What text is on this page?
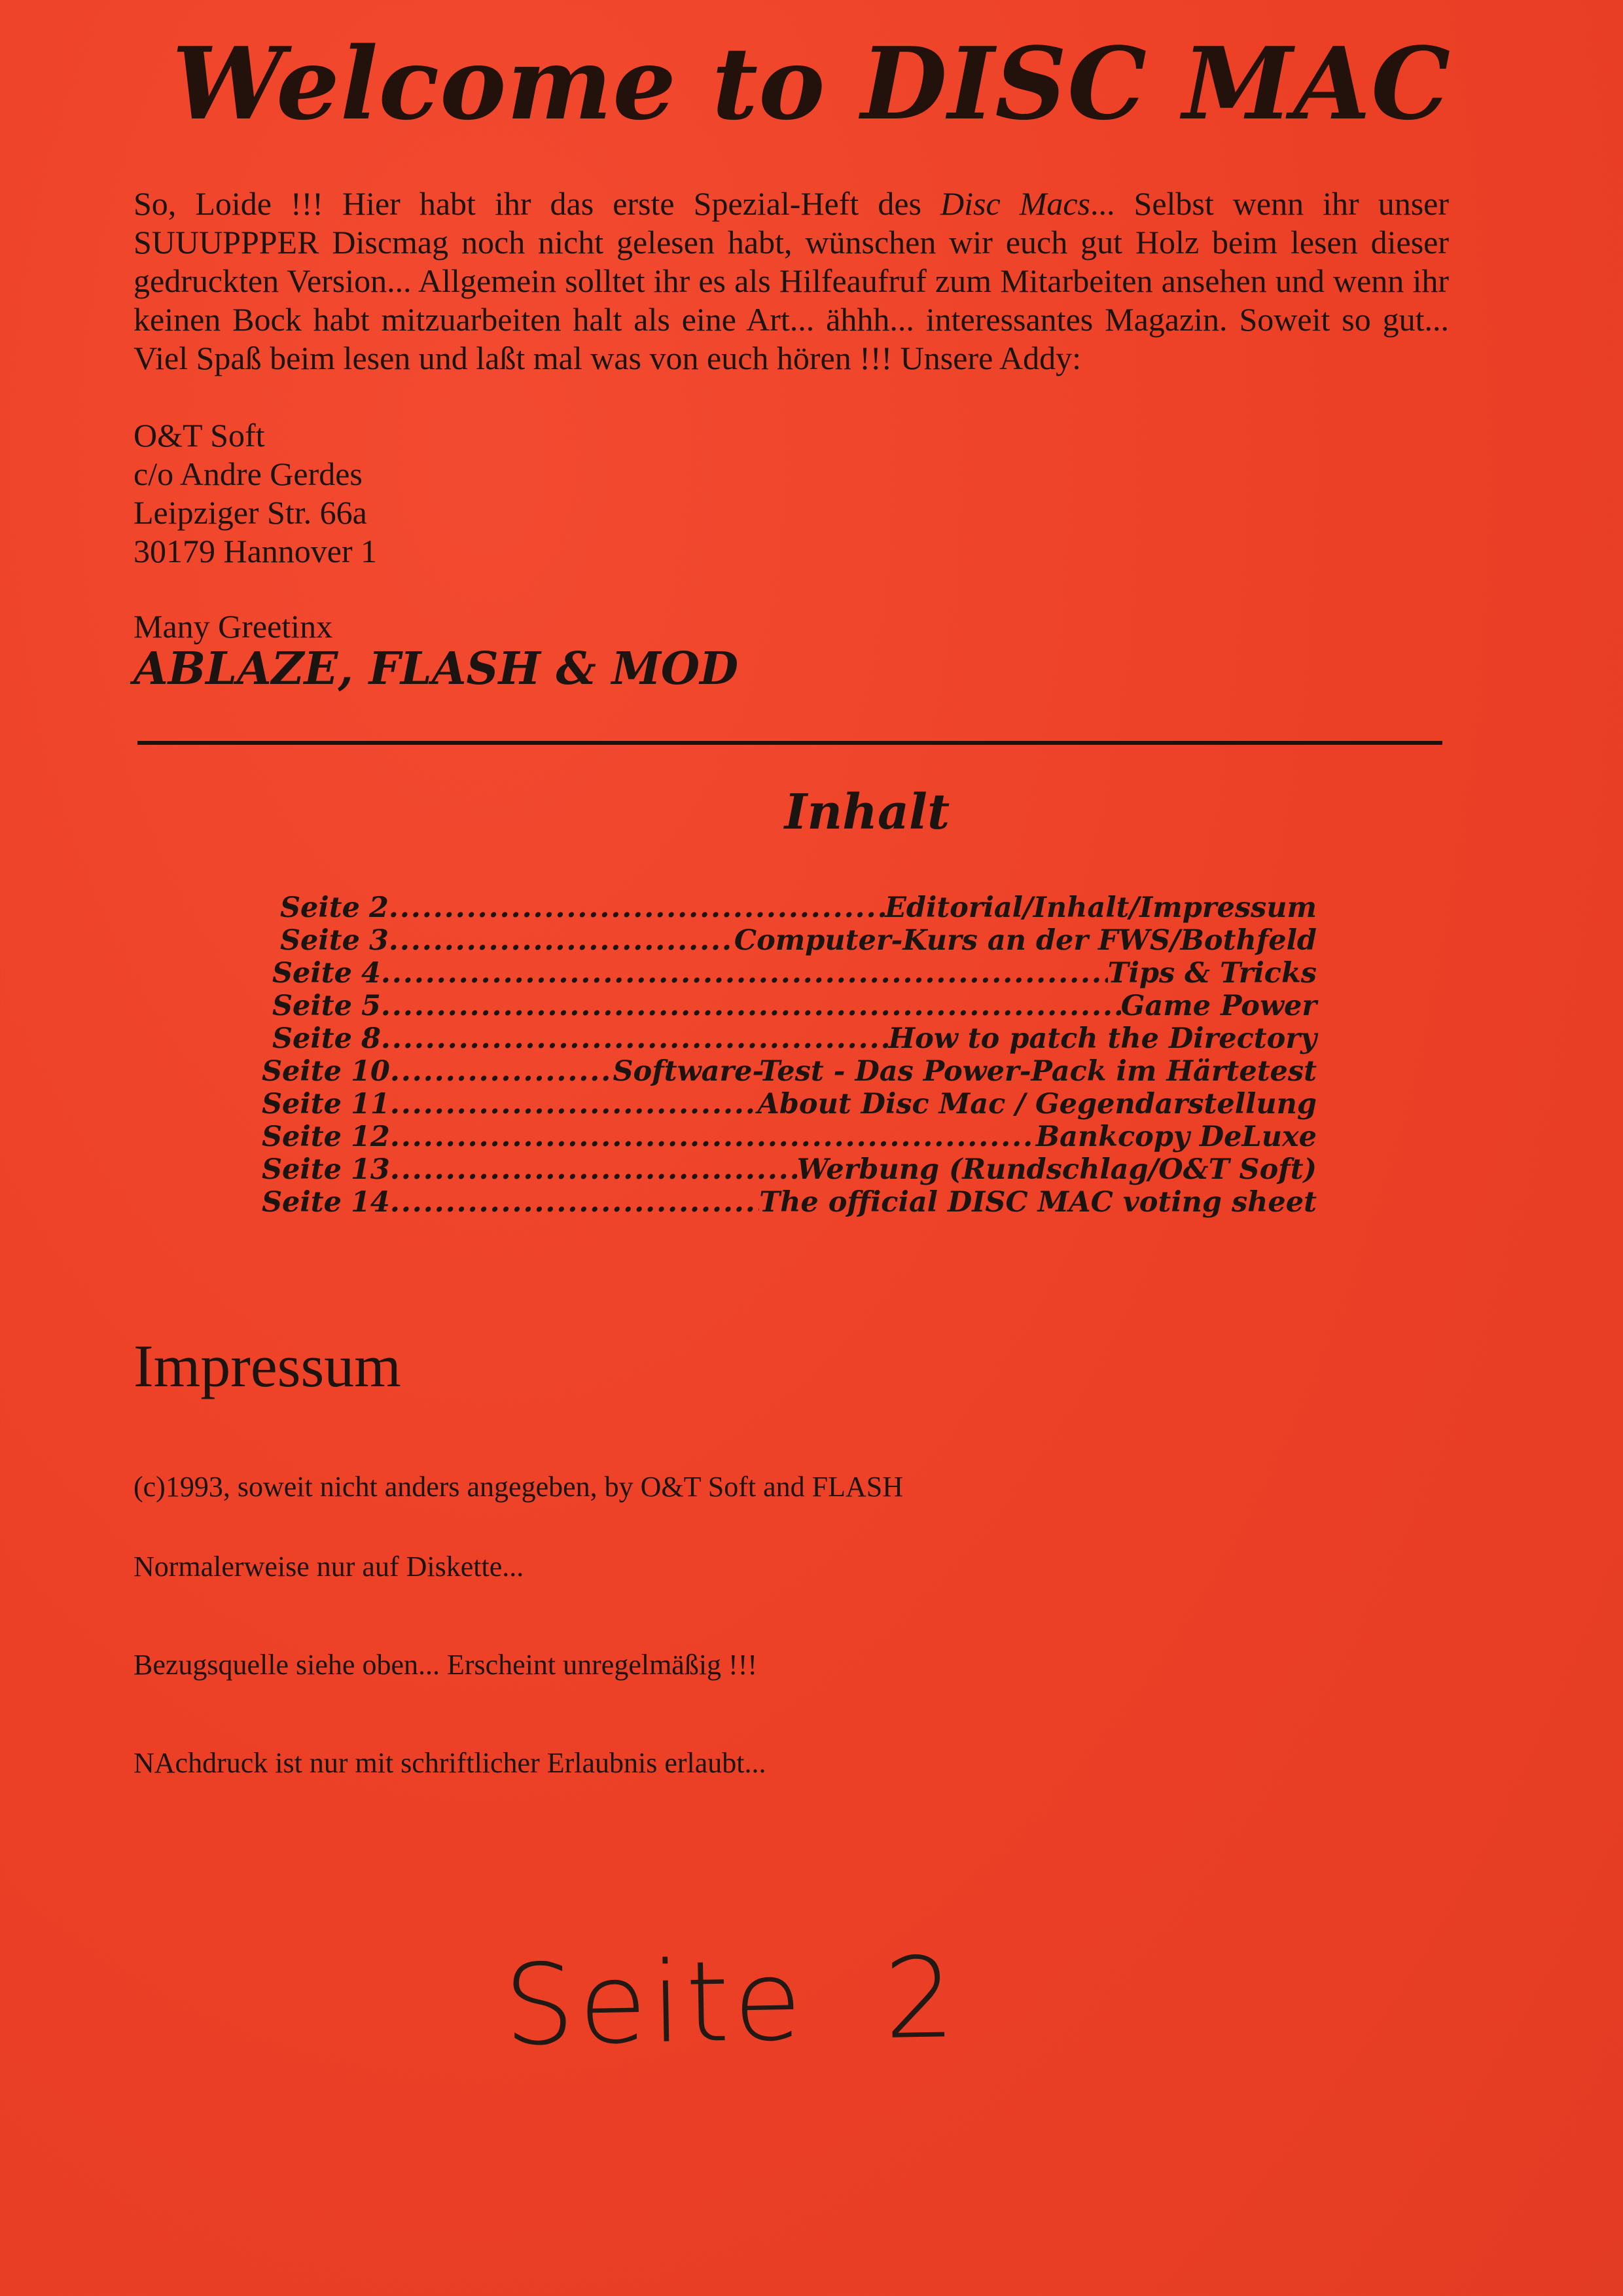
Welcome to DISC MAC

So, Loide !!! Hier habt ihr das erste Spezial-Heft des Disc Macs... Selbst wenn ihr unser SUUUPPPER Discmag noch nicht gelesen habt, wünschen wir euch gut Holz beim lesen dieser gedruckten Version... Allgemein solltet ihr es als Hilfeaufruf zum Mitarbeiten ansehen und wenn ihr keinen Bock habt mitzuarbeiten halt als eine Art... ähhh... interessantes Magazin. Soweit so gut... Viel Spaß beim lesen und laßt mal was von euch hören !!! Unsere Addy:

O&T Soft
c/o Andre Gerdes
Leipziger Str. 66a
30179 Hannover 1
Many Greetinx
ABLAZE, FLASH & MOD
Inhalt
Seite 2 .....	Editorial/Inhalt/Impressum
Seite 3 .....	Computer-Kurs an der FWS/Bothfeld
Seite 4 .....	Tips & Tricks
Seite 5 .....	Game Power
Seite 8 .....	How to patch the Directory
Seite 10 .....	Software-Test - Das Power-Pack im Härtetest
Seite 11 .....	About Disc Mac / Gegendarstellung
Seite 12 .....	Bankcopy DeLuxe
Seite 13 .....	Werbung (Rundschlag/O&T Soft)
Seite 14 .....	The official DISC MAC voting sheet
Impressum
(c)1993, soweit nicht anders angegeben, by O&T Soft and FLASH
Normalerweise nur auf Diskette...
Bezugsquelle siehe oben... Erscheint unregelmäßig !!!
NAchdruck ist nur mit schriftlicher Erlaubnis erlaubt...
Seite 2
